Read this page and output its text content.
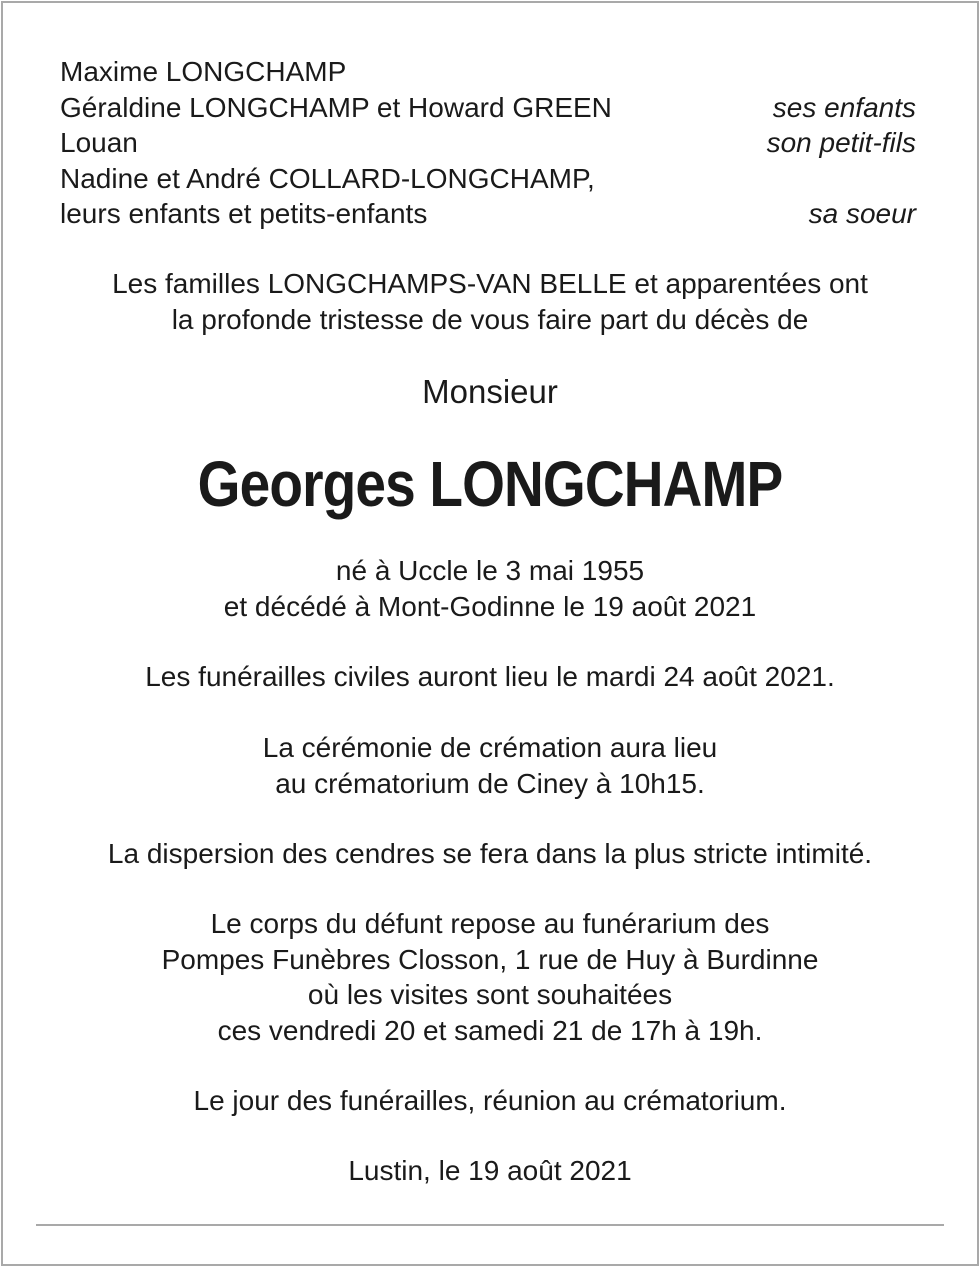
Maxime LONGCHAMP
Géraldine LONGCHAMP et Howard GREEN	ses enfants
Louan	son petit-fils
Nadine et André COLLARD-LONGCHAMP,
leurs enfants et petits-enfants	sa soeur
Les familles LONGCHAMPS-VAN BELLE et apparentées ont
la profonde tristesse de vous faire part du décès de
Monsieur
Georges LONGCHAMP
né à Uccle le 3 mai 1955
et décédé à Mont-Godinne le 19 août 2021
Les funérailles civiles auront lieu le mardi 24 août 2021.
La cérémonie de crémation aura lieu
au crématorium de Ciney à 10h15.
La dispersion des cendres se fera dans la plus stricte intimité.
Le corps du défunt repose au funérarium des
Pompes Funèbres Closson, 1 rue de Huy à Burdinne
où les visites sont souhaitées
ces vendredi 20 et samedi 21 de 17h à 19h.
Le jour des funérailles, réunion au crématorium.
Lustin, le 19 août 2021
